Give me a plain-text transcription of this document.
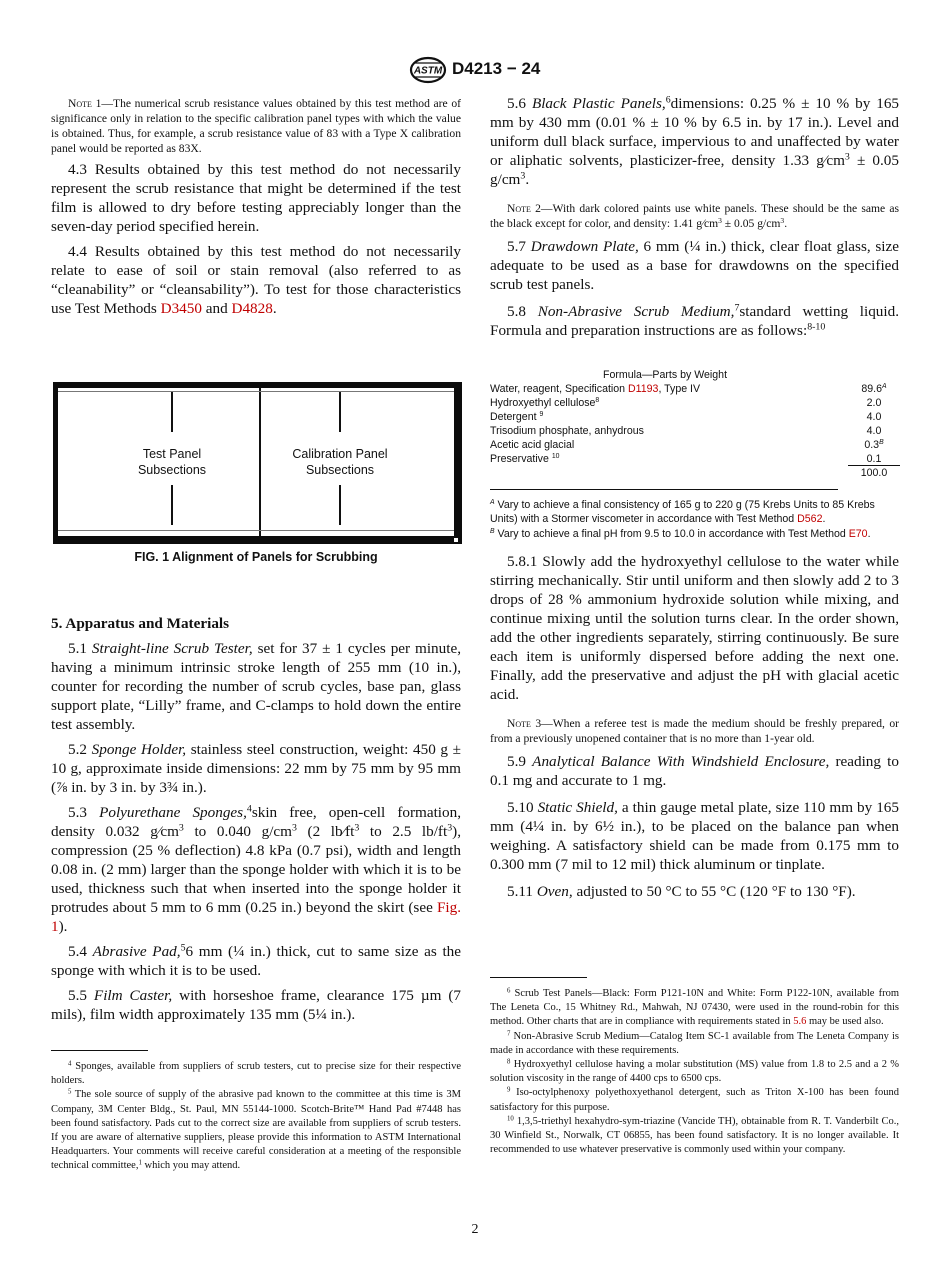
ASTM D4213 − 24

Note 1—The numerical scrub resistance values obtained by this test method are of significance only in relation to the specific calibration panel types with which the value is obtained. Thus, for example, a scrub resistance value of 83 with a Type X calibration panel would be reported as 83X.

4.3 Results obtained by this test method do not necessarily represent the scrub resistance that might be determined if the test film is allowed to dry before testing appreciably longer than the seven-day period specified herein.

4.4 Results obtained by this test method do not necessarily relate to ease of soil or stain removal (also referred to as “cleanability” or “cleansability”). To test for those characteristics use Test Methods D3450 and D4828.

Test Panel
Subsections
Calibration Panel
Subsections
FIG. 1 Alignment of Panels for Scrubbing

5. Apparatus and Materials

5.1 Straight-line Scrub Tester, set for 37 ± 1 cycles per minute, having a minimum intrinsic stroke length of 255 mm (10 in.), counter for recording the number of scrub cycles, base pan, glass support plate, “Lilly” frame, and C-clamps to hold down the entire test assembly.

5.2 Sponge Holder, stainless steel construction, weight: 450 g ± 10 g, approximate inside dimensions: 22 mm by 75 mm by 95 mm (⅞ in. by 3 in. by 3¾ in.).

5.3 Polyurethane Sponges,$^4$skin free, open-cell formation, density 0.032 $g⁄cm^3$ to 0.040 $g/cm^3$ (2 $lb⁄ft^3$ to 2.5 $lb/ft^3$), compression (25 % deflection) 4.8 kPa (0.7 psi), width and length 0.08 in. (2 mm) larger than the sponge holder with which it is to be used, thickness such that when inserted into the sponge holder it protrudes about 5 mm to 6 mm (0.25 in.) beyond the skirt (see Fig. 1).

5.4 Abrasive Pad,$^5$6 mm (¼ in.) thick, cut to same size as the sponge with which it is to be used.

5.5 Film Caster, with horseshoe frame, clearance 175 µm (7 mils), film width approximately 135 mm (5¼ in.).

$^4$ Sponges, available from suppliers of scrub testers, cut to precise size for their respective holders.

$^5$ The sole source of supply of the abrasive pad known to the committee at this time is 3M Company, 3M Center Bldg., St. Paul, MN 55144-1000. Scotch-Brite™ Hand Pad #7448 has been found satisfactory. Pads cut to the correct size are available from suppliers of scrub testers. If you are aware of alternative suppliers, please provide this information to ASTM International Headquarters. Your comments will receive careful consideration at a meeting of the responsible technical committee,$^1$ which you may attend.

5.6 Black Plastic Panels,$^6$dimensions: 0.25 % ± 10 % by 165 mm by 430 mm (0.01 % ± 10 % by 6.5 in. by 17 in.). Level and uniform dull black surface, impervious to and unaffected by water or aliphatic solvents, plasticizer-free, density 1.33 $g⁄cm^3 \pm 0.05$ $g/cm^3$.

Note 2—With dark colored paints use white panels. These should be the same as the black except for color, and density: 1.41 $g⁄cm^3 \pm 0.05$ $g/cm^3$.

5.7 Drawdown Plate, 6 mm (¼ in.) thick, clear float glass, size adequate to be used as a base for drawdowns on the specified scrub test panels.

5.8 Non-Abrasive Scrub Medium,$^7$standard wetting liquid. Formula and preparation instructions are as follows:$^{8-10}$

Formula—Parts by Weight
Water, reagent, Specification D1193, Type IV	$89.6^A$
Hydroxyethyl cellulose$^8$	2.0
Detergent $^9$	4.0
Trisodium phosphate, anhydrous	4.0
Acetic acid glacial	$0.3^B$
Preservative $^{10}$	0.1
100.0
$^A$ Vary to achieve a final consistency of 165 g to 220 g (75 Krebs Units to 85 Krebs Units) with a Stormer viscometer in accordance with Test Method D562.
$^B$ Vary to achieve a final pH from 9.5 to 10.0 in accordance with Test Method E70.

5.8.1 Slowly add the hydroxyethyl cellulose to the water while stirring mechanically. Stir until uniform and then slowly add 2 to 3 drops of 28 % ammonium hydroxide solution while mixing, and continue mixing until the solution turns clear. In the order shown, add the other ingredients separately, stirring continuously. Be sure each item is uniformly dispersed before adding the next one. Finally, add the preservative and adjust the pH with glacial acetic acid.

Note 3—When a referee test is made the medium should be freshly prepared, or from a previously unopened container that is no more than 1-year old.

5.9 Analytical Balance With Windshield Enclosure, reading to 0.1 mg and accurate to 1 mg.

5.10 Static Shield, a thin gauge metal plate, size 110 mm by 165 mm (4¼ in. by 6½ in.), to be placed on the balance pan when weighing. A satisfactory shield can be made from 0.175 mm to 0.300 mm (7 mil to 12 mil) thick aluminum or tinplate.

5.11 Oven, adjusted to 50 °C to 55 °C (120 °F to 130 °F).

$^6$ Scrub Test Panels—Black: Form P121-10N and White: Form P122-10N, available from The Leneta Co., 15 Whitney Rd., Mahwah, NJ 07430, were used in the round-robin for this method. Other charts that are in compliance with requirements stated in 5.6 may be used also.

$^7$ Non-Abrasive Scrub Medium—Catalog Item SC-1 available from The Leneta Company is made in accordance with these requirements.

$^8$ Hydroxyethyl cellulose having a molar substitution (MS) value from 1.8 to 2.5 and a 2 % solution viscosity in the range of 4400 cps to 6500 cps.

$^9$ Iso-octylphenoxy polyethoxyethanol detergent, such as Triton X-100 has been found satisfactory for this purpose.

$^{10}$ 1,3,5-triethyl hexahydro-sym-triazine (Vancide TH), obtainable from R. T. Vanderbilt Co., 30 Winfield St., Norwalk, CT 06855, has been found satisfactory. It is no longer available. It recommended to use whatever preservative is commonly used within your company.

2
